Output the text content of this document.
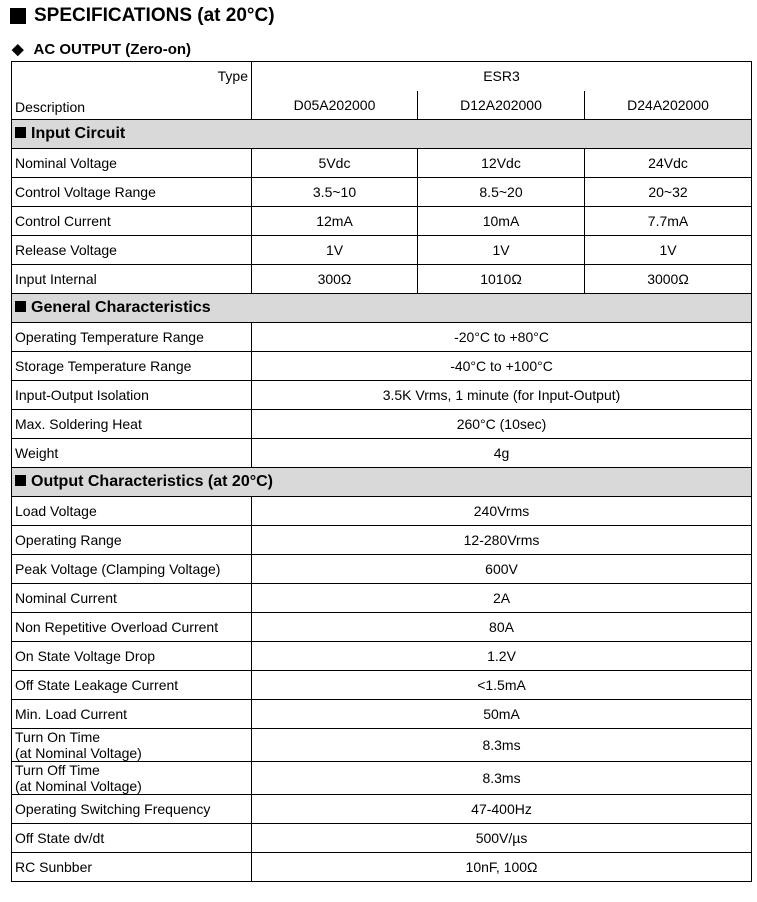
SPECIFICATIONS (at 20°C)
◆ AC OUTPUT (Zero-on)
Type	ESR3		
Description	D05A202000	D12A202000	D24A202000
Input Circuit			
Nominal Voltage	5Vdc	12Vdc	24Vdc
Control Voltage Range	3.5~10	8.5~20	20~32
Control Current	12mA	10mA	7.7mA
Release Voltage	1V	1V	1V
Input Internal	300Ω	1010Ω	3000Ω
General Characteristics			
Operating Temperature Range	-20°C to +80°C		
Storage Temperature Range	-40°C to +100°C		
Input-Output Isolation	3.5K Vrms, 1 minute (for Input-Output)		
Max. Soldering Heat	260°C (10sec)		
Weight	4g		
Output Characteristics (at 20°C)			
Load Voltage	240Vrms		
Operating Range	12-280Vrms		
Peak Voltage (Clamping Voltage)	600V		
Nominal Current	2A		
Non Repetitive Overload Current	80A		
On State Voltage Drop	1.2V		
Off State Leakage Current	<1.5mA		
Min. Load Current	50mA		
Turn On Time
(at Nominal Voltage)	8.3ms		
Turn Off Time
(at Nominal Voltage)	8.3ms		
Operating Switching Frequency	47-400Hz		
Off State dv/dt	500V/µs		
RC Sunbber	10nF, 100Ω		
